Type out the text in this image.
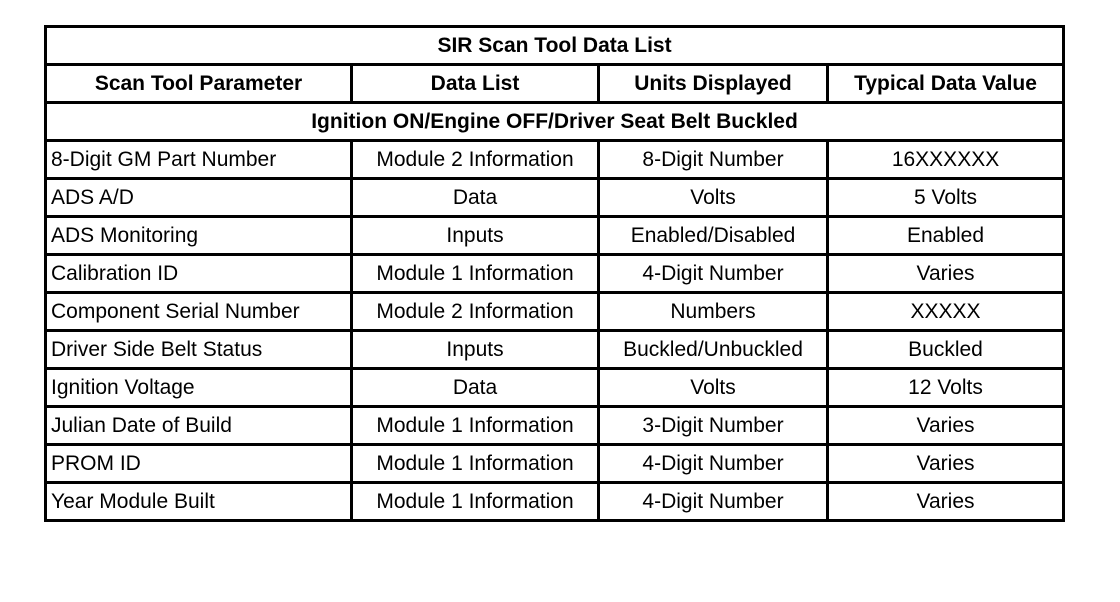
SIR Scan Tool Data List			
Scan Tool Parameter	Data List	Units Displayed	Typical Data Value
Ignition ON/Engine OFF/Driver Seat Belt Buckled			
8-Digit GM Part Number	Module 2 Information	8-Digit Number	16XXXXXX
ADS A/D	Data	Volts	5 Volts
ADS Monitoring	Inputs	Enabled/Disabled	Enabled
Calibration ID	Module 1 Information	4-Digit Number	Varies
Component Serial Number	Module 2 Information	Numbers	XXXXX
Driver Side Belt Status	Inputs	Buckled/Unbuckled	Buckled
Ignition Voltage	Data	Volts	12 Volts
Julian Date of Build	Module 1 Information	3-Digit Number	Varies
PROM ID	Module 1 Information	4-Digit Number	Varies
Year Module Built	Module 1 Information	4-Digit Number	Varies
